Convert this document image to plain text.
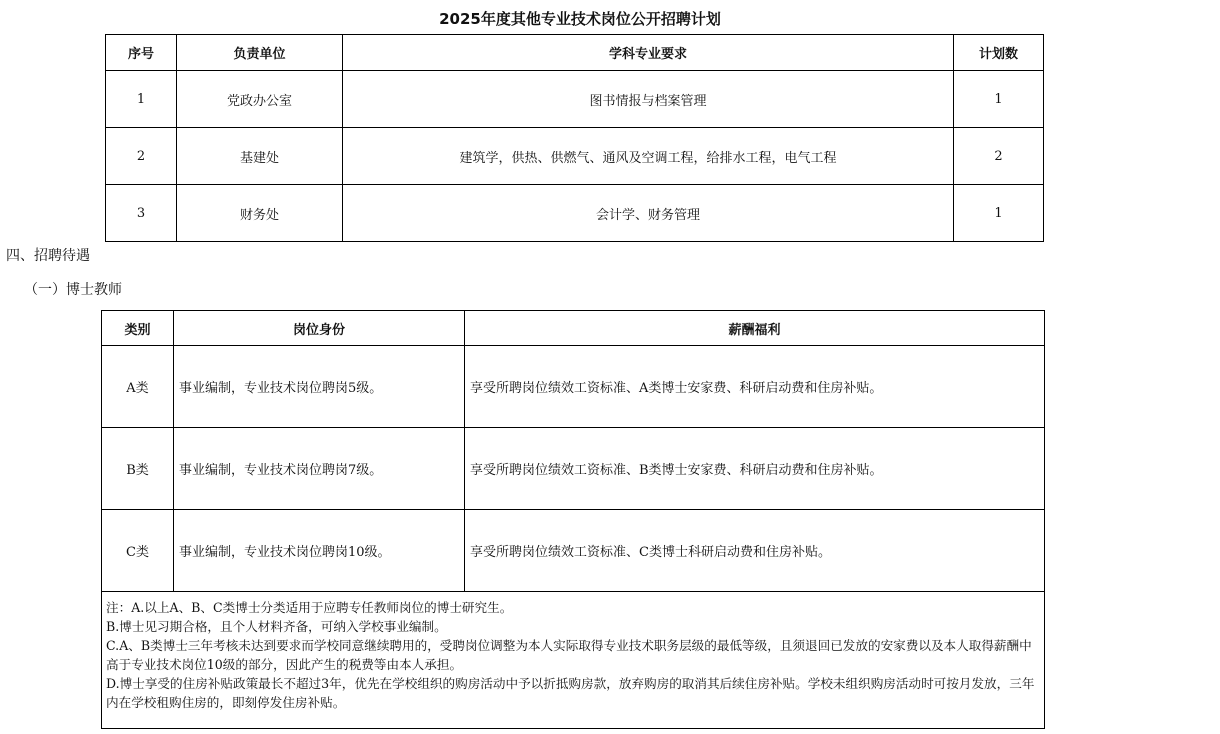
2025年度其他专业技术岗位公开招聘计划
序号	负责单位	学科专业要求	计划数
1	党政办公室	图书情报与档案管理	1
2	基建处	建筑学，供热、供燃气、通风及空调工程，给排水工程，电气工程	2
3	财务处	会计学、财务管理	1
四、招聘待遇
（一）博士教师
类别	岗位身份	薪酬福利
A类	事业编制，专业技术岗位聘岗5级。	享受所聘岗位绩效工资标准、A类博士安家费、科研启动费和住房补贴。
B类	事业编制，专业技术岗位聘岗7级。	享受所聘岗位绩效工资标准、B类博士安家费、科研启动费和住房补贴。
C类	事业编制，专业技术岗位聘岗10级。	享受所聘岗位绩效工资标准、C类博士科研启动费和住房补贴。

注：A.以上A、B、C类博士分类适用于应聘专任教师岗位的博士研究生。
B.博士见习期合格，且个人材料齐备，可纳入学校事业编制。
C.A、B类博士三年考核未达到要求而学校同意继续聘用的，受聘岗位调整为本人实际取得专业技术职务层级的最低等级，且须退回已发放的安家费以及本人取得薪酬中高于专业技术岗位10级的部分，因此产生的税费等由本人承担。
D.博士享受的住房补贴政策最长不超过3年，优先在学校组织的购房活动中予以折抵购房款，放弃购房的取消其后续住房补贴。学校未组织购房活动时可按月发放，三年内在学校租购住房的，即刻停发住房补贴。		
